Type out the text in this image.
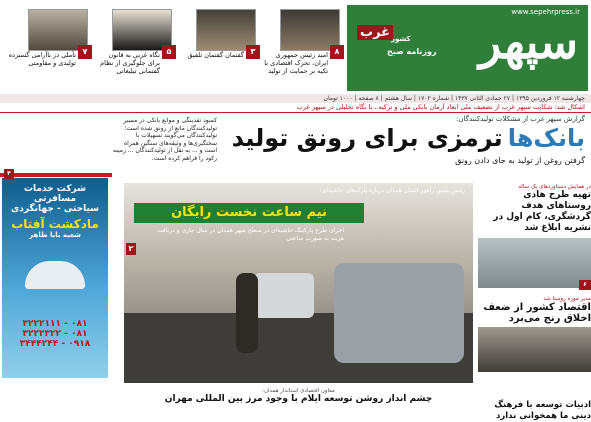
www.sepehrpress.ir
سپهر
غرب
روزنامه صبح
کشور
۸
امید رئیس جمهوری ایران، تحرک اقتصادی با تکیه بر حمایت از تولید
۳
گفتمان گفتمان تلفیق
۵
نگاه غربی به قانون برای جلوگیری از نظام گفتمانی تبلیغاتی
۷
تأملی در ناآرامی گسترده تولیدی و مقاومتی
چهارشنبه ۱۲ فروردین ۱۳۹۵ | ۲۷ جمادی الثانی ۱۴۳۷ | شماره ۱۷۰۲ | سال هشتم | ۸ صفحه | ۱۰۰۰ تومان
اشکال شد: شکایت سپهر غرب از تضعیف ملی ابعاد آرمان بانکی ملی و ترکیه ـ با نگاه تحلیلی در سپهر غرب
گزارش سپهر غرب از مشکلات تولیدکنندگان:
بانک‌ها ترمزی برای رونق تولید
گرفتن روغن از تولید به جای دادن رونق
کمبود نقدینگی و موانع بانکی در مسیر تولیدکنندگان مانع از رونق شده است؛ تولیدکنندگان می‌گویند تسهیلات با سختگیری‌ها و وثیقه‌های سنگین همراه است و ... به نقل از تولیدکنندگان ... زمینه رکود را فراهم کرده است.
شرکت خدمات مسافرتی
سیاحتی - جهانگردی
مادکشت آفتاب
شعبه بابا طاهر
۰۸۱ - ۳۲۲۲۱۱۱
۰۸۱ - ۳۲۲۲۳۲۲
۰۹۱۸ - ۳۴۴۴۲۴۴
۴
نیم ساعت نخست رایگان
رئیس پلیس راهور استان همدان درباره پارک‌های حاشیه‌ای:
اجرای طرح پارکینگ حاشیه‌ای در سطح شهر همدان در سال جاری و دریافت هزینه به صورت ساعتی
۲
در همایش دستاوردهای یک ساله
تهیه طرح هادی روستاهای هدف گردشگری، کام اول در نشریه ابلاغ شد
۶
مدیر موزه روستا شد
اقتصاد کشور از ضعف اخلاق رنج می‌برد
معاون اقتصادی استاندار همدان:
چشم انداز روشن توسعه ایلام با وجود مرز بین المللی مهران
ادبیات توسعه با فرهنگ دینی ما همخوانی ندارد
